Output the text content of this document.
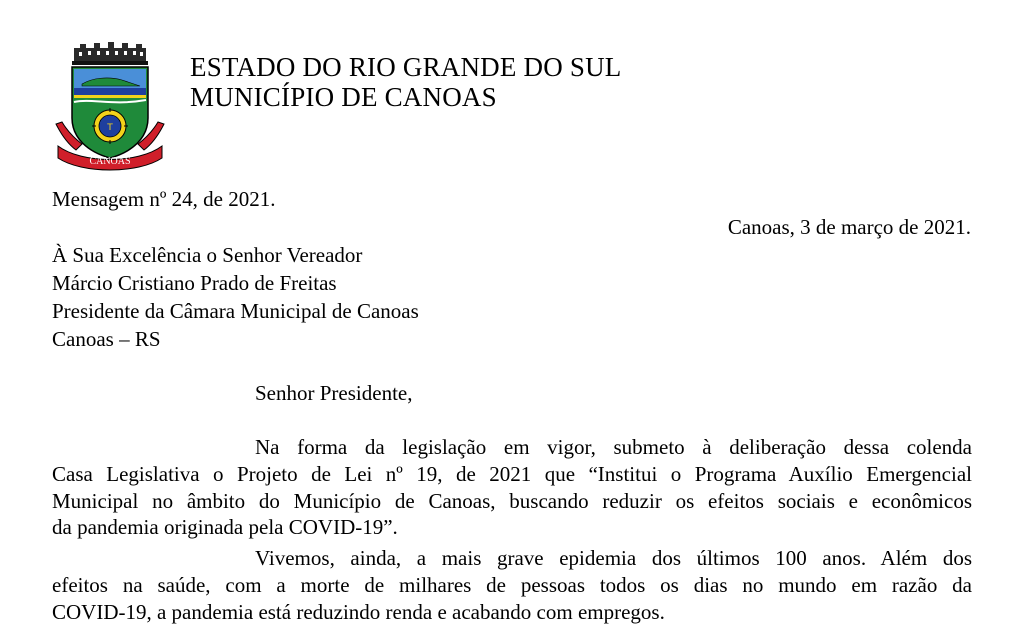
T
CANOAS
ESTADO DO RIO GRANDE DO SUL
MUNICÍPIO DE CANOAS
Mensagem nº 24, de 2021.
Canoas, 3 de março de 2021.
À Sua Excelência o Senhor Vereador
Márcio Cristiano Prado de Freitas
Presidente da Câmara Municipal de Canoas
Canoas – RS
Senhor Presidente,
Na forma da legislação em vigor, submeto à deliberação dessa colenda
Casa Legislativa o Projeto de Lei nº 19, de 2021 que “Institui o Programa Auxílio Emergencial
Municipal no âmbito do Município de Canoas, buscando reduzir os efeitos sociais e econômicos
da pandemia originada pela COVID-19”.
Vivemos, ainda, a mais grave epidemia dos últimos 100 anos. Além dos
efeitos na saúde, com a morte de milhares de pessoas todos os dias no mundo em razão da
COVID-19, a pandemia está reduzindo renda e acabando com empregos.
